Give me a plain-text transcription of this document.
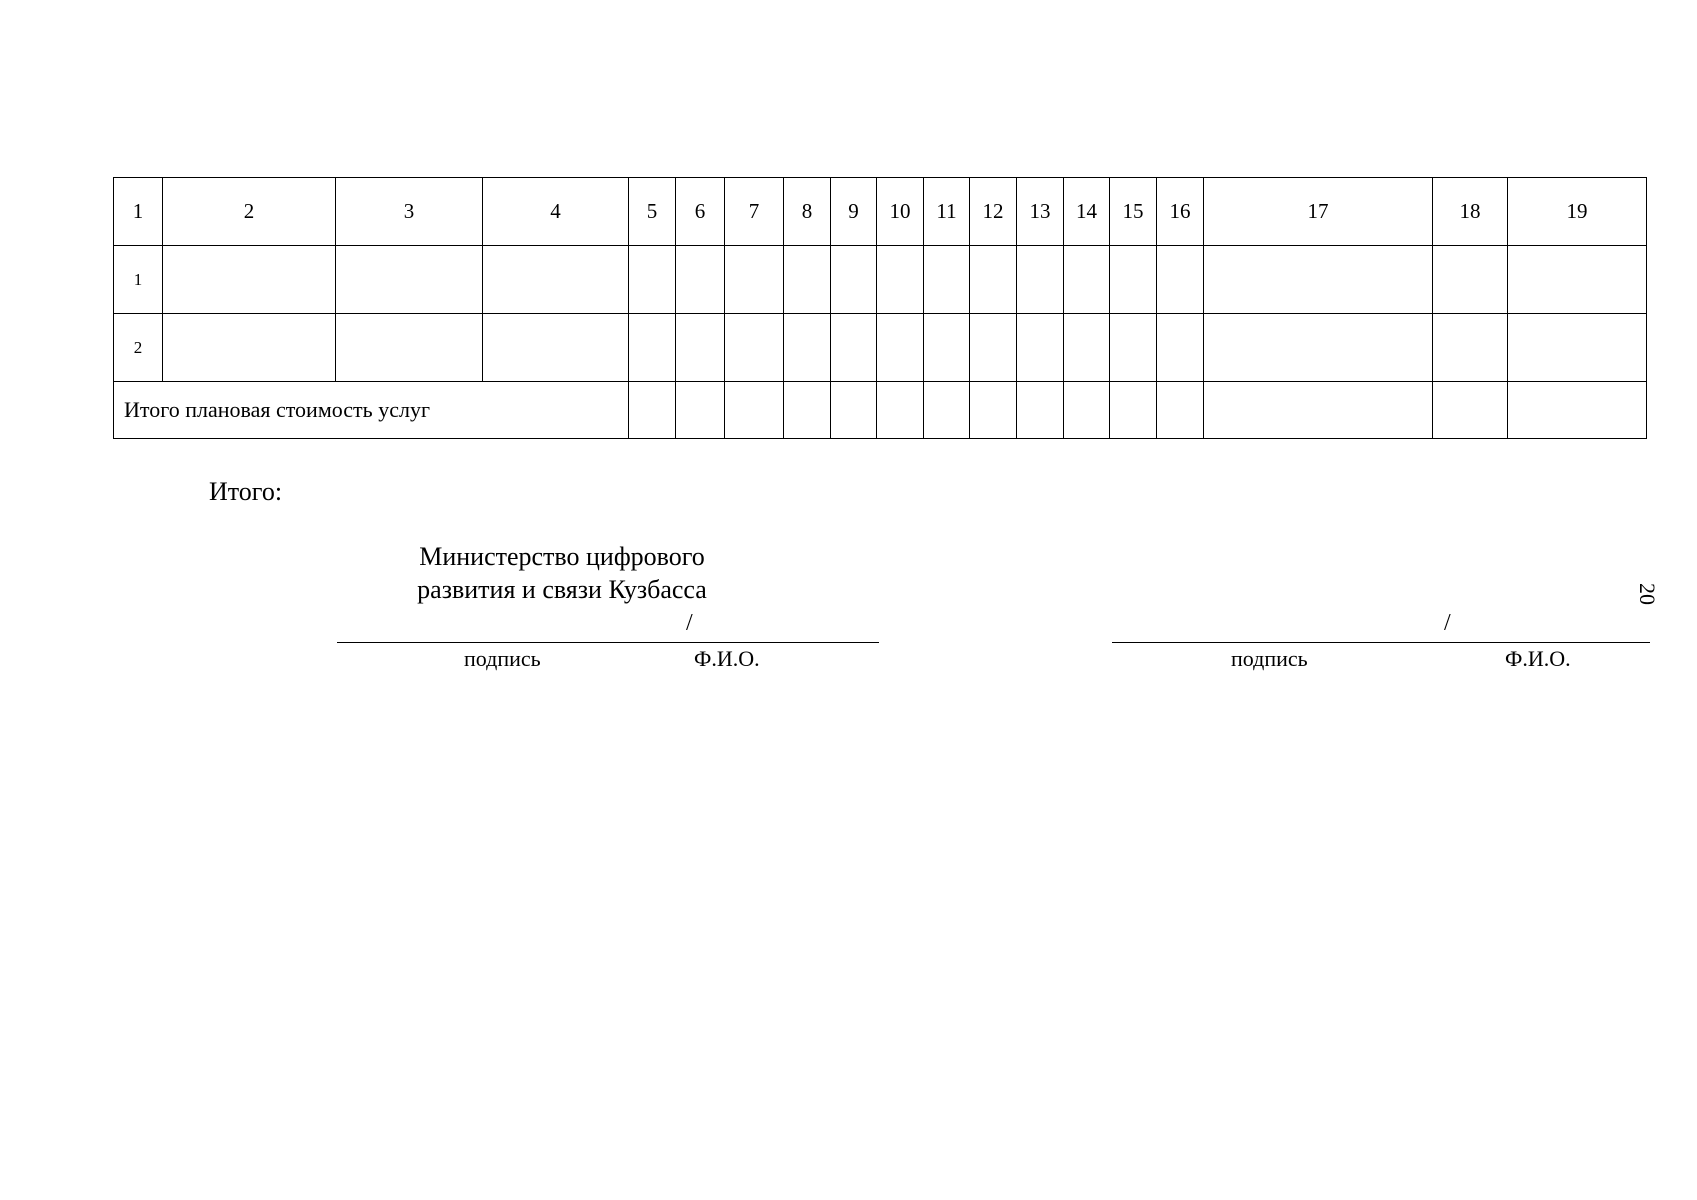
1	2	3	4	5	6	7	8	9	10	11	12	13	14	15	16	17	18	19
1																		
2																		
Итого плановая стоимость услуг																		
Итого:
Министерство цифрового
развития и связи Кузбасса
/
подпись	Ф.И.О.
/
подпись	Ф.И.О.
20
